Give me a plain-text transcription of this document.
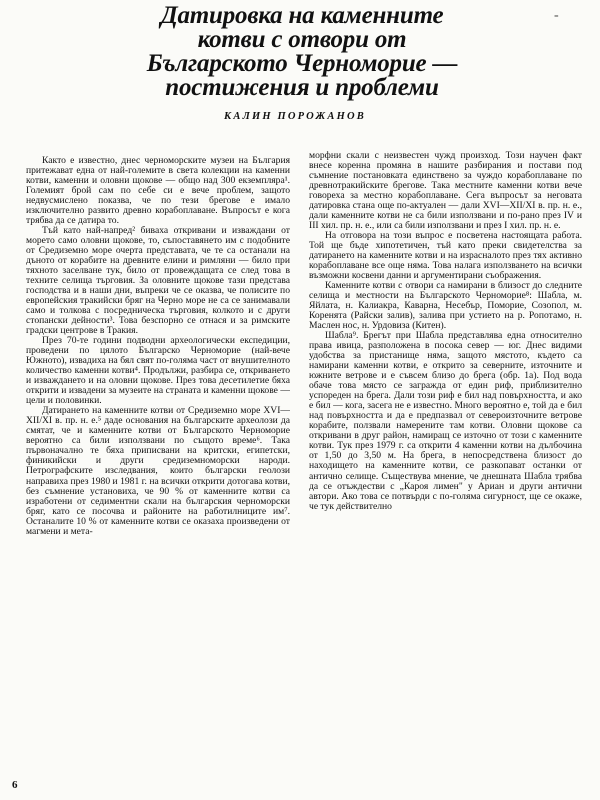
Датировка на каменните
котви с отвори от
Българското Черноморие —
постижения и проблеми
-
КАЛИН ПОРОЖАНОВ

Както е известно, днес черноморските музеи на България притежават една от най-големите в света колекции на каменни котви, каменни и оловни щокове — общо над 300 екземпляра¹. Големият брой сам по себе си е вече проблем, защото недвусмислено показва, че по тези брегове е имало изключително развито древно корабоплаване. Въпросът е кога трябва да се датира то.

Тъй като най-напред² биваха откривани и изваждани от морето само оловни щокове, то, съпоставянето им с подобните от Средиземно море очерта представата, че те са останали на дъното от корабите на древните елини и римляни — било при тяхното заселване тук, било от провеждащата се след това в техните селища търговия. За оловните щокове тази представа господства и в наши дни, въпреки че се оказва, че полисите по европейския тракийски бряг на Черно море не са се занимавали само и толкова с посредническа търговия, колкото и с други стопански дейности³. Това безспорно се отнася и за римските градски центрове в Тракия.

През 70-те години подводни археологически експедиции, проведени по цялото Българско Черноморие (най-вече Южното), извадиха на бял свят по-голяма част от внушителното количество каменни котви⁴. Продължи, разбира се, откриването и изваждането и на оловни щокове. През това десетилетие бяха открити и извадени за музеите на страната и каменни щокове — цели и половинки.

Датирането на каменните котви от Средиземно море XVI—XII/XI в. пр. н. е.⁵ даде основания на българските археолози да смятат, че и каменните котви от Българското Черноморие вероятно са били използвани по същото време⁶. Така първоначално те бяха приписвани на критски, египетски, финикийски и други средиземноморски народи. Петрографските изследвания, които български геолози направиха през 1980 и 1981 г. на всички открити дотогава котви, без съмнение установиха, че 90 % от каменните котви са изработени от седиментни скали на българския черноморски бряг, като се посочва и районите на работилниците им⁷. Останалите 10 % от каменните котви се оказаха произведени от магмени и мета-

морфни скали с неизвестен чужд произход. Този научен факт внесе коренна промяна в нашите разбирания и постави под съмнение постановката единствено за чуждо корабоплаване по древнотракийските брегове. Така местните каменни котви вече говореха за местно корабоплаване. Сега въпросът за неговата датировка стана още по-актуален — дали XVI—XII/XI в. пр. н. е., дали каменните котви не са били използвани и по-рано през IV и III хил. пр. н. е., или са били използвани и през I хил. пр. н. е.

На отговора на този въпрос е посветена настоящата работа. Той ще бъде хипотетичен, тъй като преки свидетелства за датирането на каменните котви и на израсналото през тях активно корабоплаване все още няма. Това налага използването на всички възможни косвени данни и аргументирани съображения.

Каменните котви с отвори са намирани в близост до следните селища и местности на Българското Черноморие⁸: Шабла, м. Яйлата, н. Калиакра, Каварна, Несебър, Поморие, Созопол, м. Коренята (Райски залив), залива при устието на р. Ропотамо, н. Маслен нос, н. Урдовиза (Китен).

Шабла⁹. Брегът при Шабла представлява една относително права ивица, разположена в посока север — юг. Днес видими удобства за пристанище няма, защото мястото, където са намирани каменни котви, е открито за северните, източните и южните ветрове и е съвсем близо до брега (обр. 1а). Под вода обаче това място се загражда от един риф, приблизително успореден на брега. Дали този риф е бил над повърхността, и ако е бил — кога, засега не е известно. Много вероятно е, той да е бил над повърхността и да е предпазвал от североизточните ветрове корабите, ползвали намерените там котви. Оловни щокове са откривани в друг район, намиращ се източно от този с каменните котви. Тук през 1979 г. са открити 4 каменни котви на дълбочина от 1,50 до 3,50 м. На брега, в непосредствена близост до находището на каменните котви, се разкопават останки от антично селище. Съществува мнение, че днешната Шабла трябва да се отъждестви с „Кароя лимен" у Ариан и други антични автори. Ако това се потвърди с по-голяма сигурност, ще се окаже, че тук действително

6
